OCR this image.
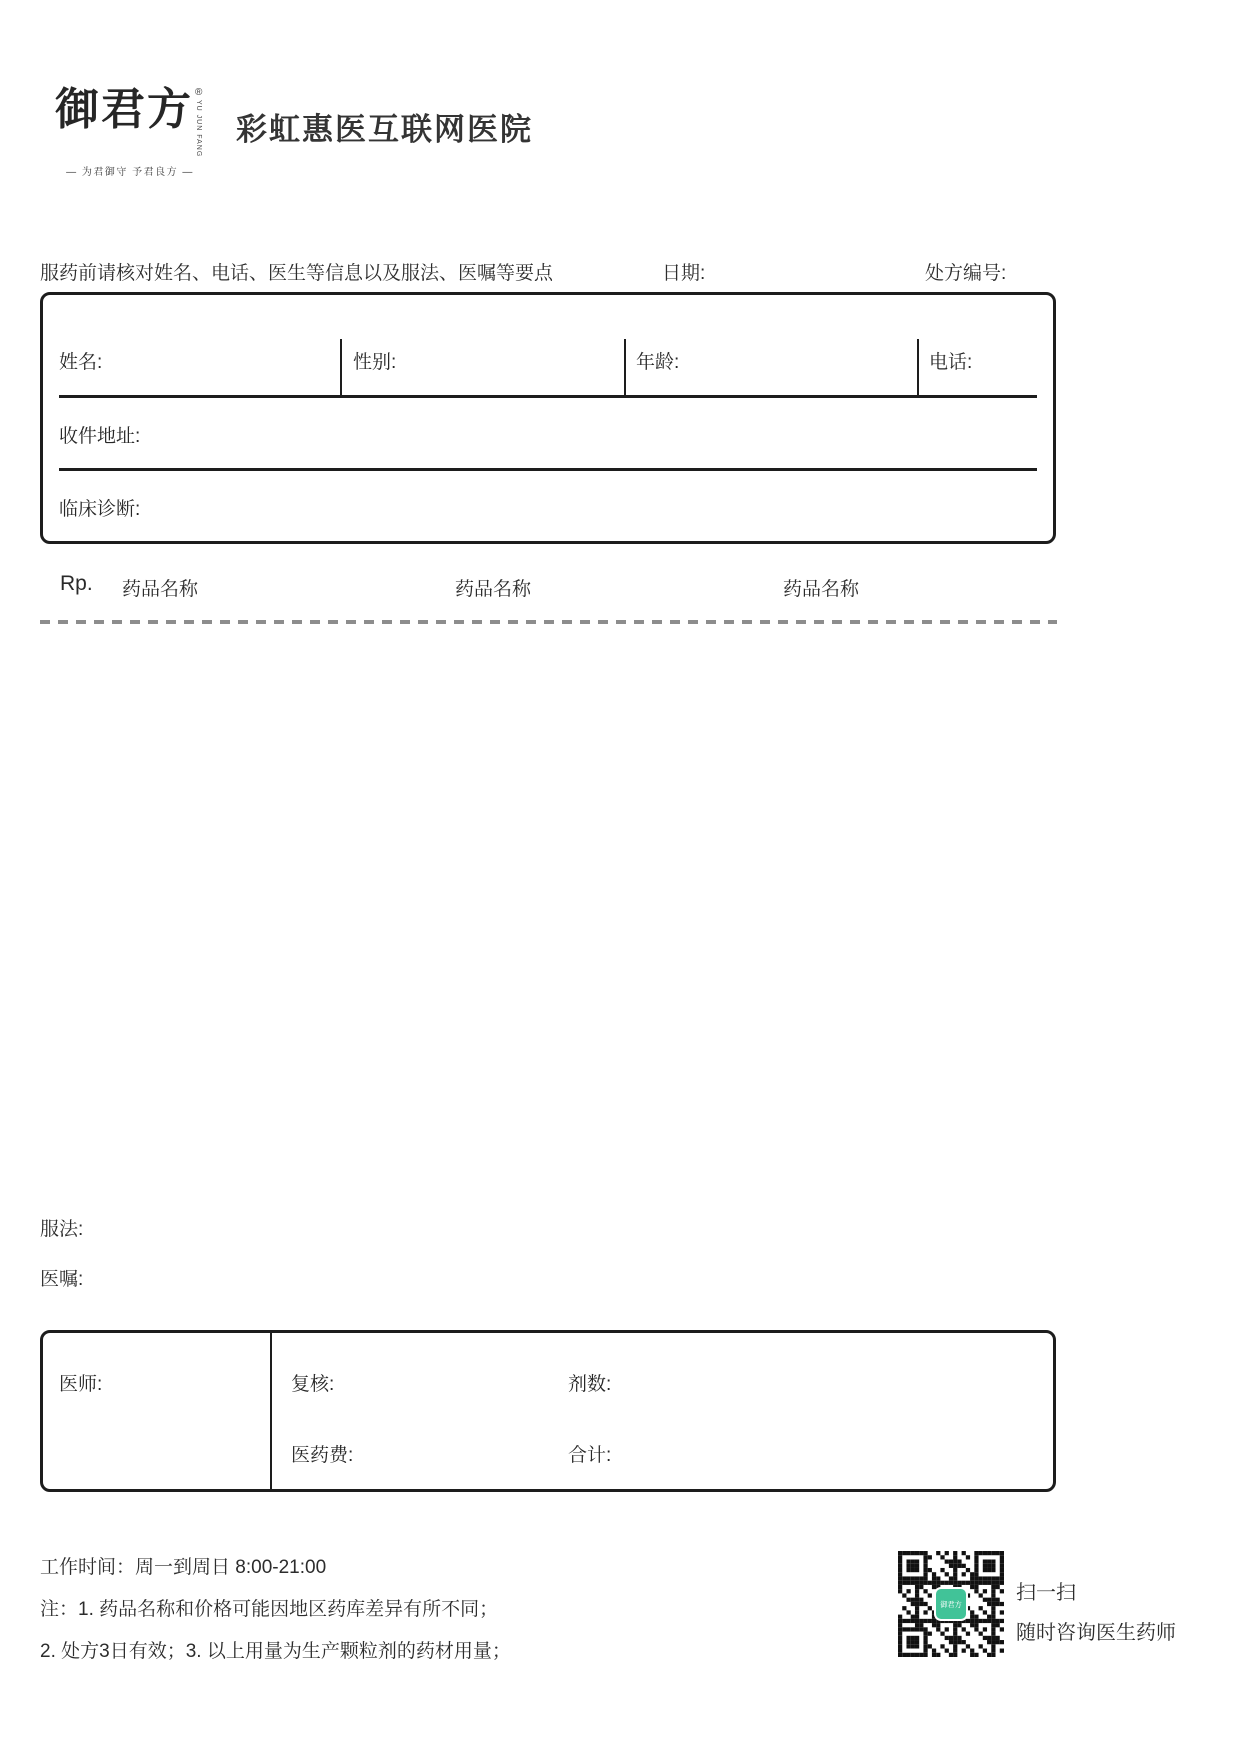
御君方 ®
YU JUN FANG
— 为君御守 予君良方 —
彩虹惠医互联网医院
服药前请核对姓名、电话、医生等信息以及服法、医嘱等要点	日期:	处方编号:
姓名:	性别:	年龄:	电话:
收件地址:
临床诊断:
Rp. 药品名称	药品名称	药品名称
服法:
医嘱:
医师:	复核:	剂数:
医药费:	合计:
工作时间：周一到周日 8:00-21:00
注：1. 药品名称和价格可能因地区药库差异有所不同；
2. 处方3日有效；3. 以上用量为生产颗粒剂的药材用量；
御君方	扫一扫
随时咨询医生药师
